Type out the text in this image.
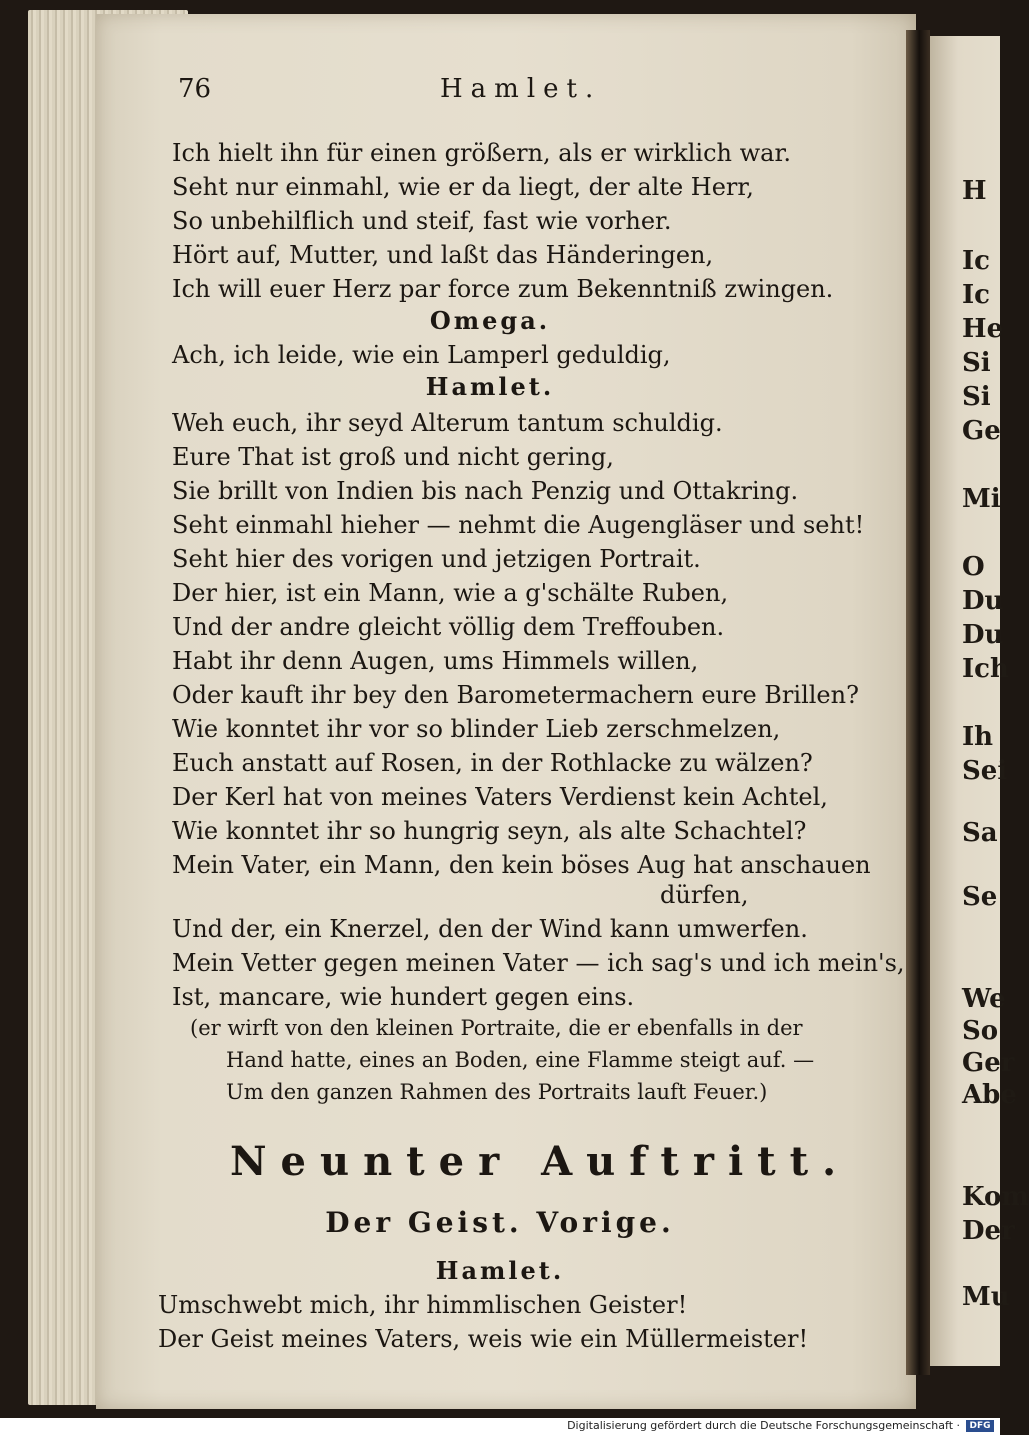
H
Ic
Ic
He
Si
Si
Ge
Mi
O
Du
Du
Ich
Ih
Sei
Sa
Se
We
So
Ger
Abe
Kom
Der
Mu
76	Hamlet.
Ich hielt ihn für einen größern, als er wirklich war.
Seht nur einmahl, wie er da liegt, der alte Herr,
So unbehilflich und steif, fast wie vorher.
Hört auf, Mutter, und laßt das Händeringen,
Ich will euer Herz par force zum Bekenntniß zwingen.
Omega.
Ach, ich leide, wie ein Lamperl geduldig,
Hamlet.
Weh euch, ihr seyd Alterum tantum schuldig.
Eure That ist groß und nicht gering,
Sie brillt von Indien bis nach Penzig und Ottakring.
Seht einmahl hieher — nehmt die Augengläser und seht!
Seht hier des vorigen und jetzigen Portrait.
Der hier, ist ein Mann, wie a g'schälte Ruben,
Und der andre gleicht völlig dem Treffouben.
Habt ihr denn Augen, ums Himmels willen,
Oder kauft ihr bey den Barometermachern eure Brillen?
Wie konntet ihr vor so blinder Lieb zerschmelzen,
Euch anstatt auf Rosen, in der Rothlacke zu wälzen?
Der Kerl hat von meines Vaters Verdienst kein Achtel,
Wie konntet ihr so hungrig seyn, als alte Schachtel?
Mein Vater, ein Mann, den kein böses Aug hat anschauen
dürfen,
Und der, ein Knerzel, den der Wind kann umwerfen.
Mein Vetter gegen meinen Vater — ich sag's und ich mein's,
Ist, mancare, wie hundert gegen eins.
(er wirft von den kleinen Portraite, die er ebenfalls in der
Hand hatte, eines an Boden, eine Flamme steigt auf. —
Um den ganzen Rahmen des Portraits lauft Feuer.)
Neunter Auftritt.
Der Geist. Vorige.
Hamlet.
Umschwebt mich, ihr himmlischen Geister!
Der Geist meines Vaters, weis wie ein Müllermeister!
Digitalisierung gefördert durch die Deutsche Forschungsgemeinschaft ·	DFG
